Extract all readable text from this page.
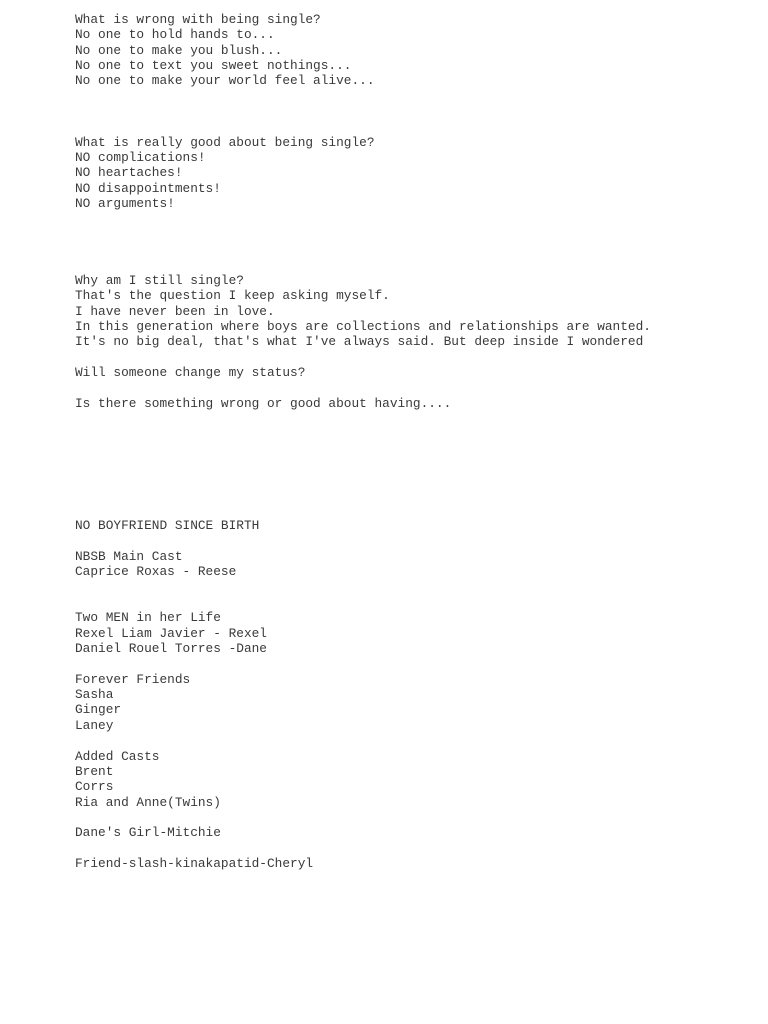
What is wrong with being single?
No one to hold hands to...
No one to make you blush...
No one to text you sweet nothings...
No one to make your world feel alive...
What is really good about being single?
NO complications!
NO heartaches!
NO disappointments!
NO arguments!
Why am I still single?
That's the question I keep asking myself.
I have never been in love.
In this generation where boys are collections and relationships are wanted.
It's no big deal, that's what I've always said. But deep inside I wondered
Will someone change my status?
Is there something wrong or good about having....
NO BOYFRIEND SINCE BIRTH
NBSB Main Cast
Caprice Roxas - Reese
Two MEN in her Life
Rexel Liam Javier - Rexel
Daniel Rouel Torres -Dane
Forever Friends
Sasha
Ginger
Laney
Added Casts
Brent
Corrs
Ria and Anne(Twins)
Dane's Girl-Mitchie
Friend-slash-kinakapatid-Cheryl
